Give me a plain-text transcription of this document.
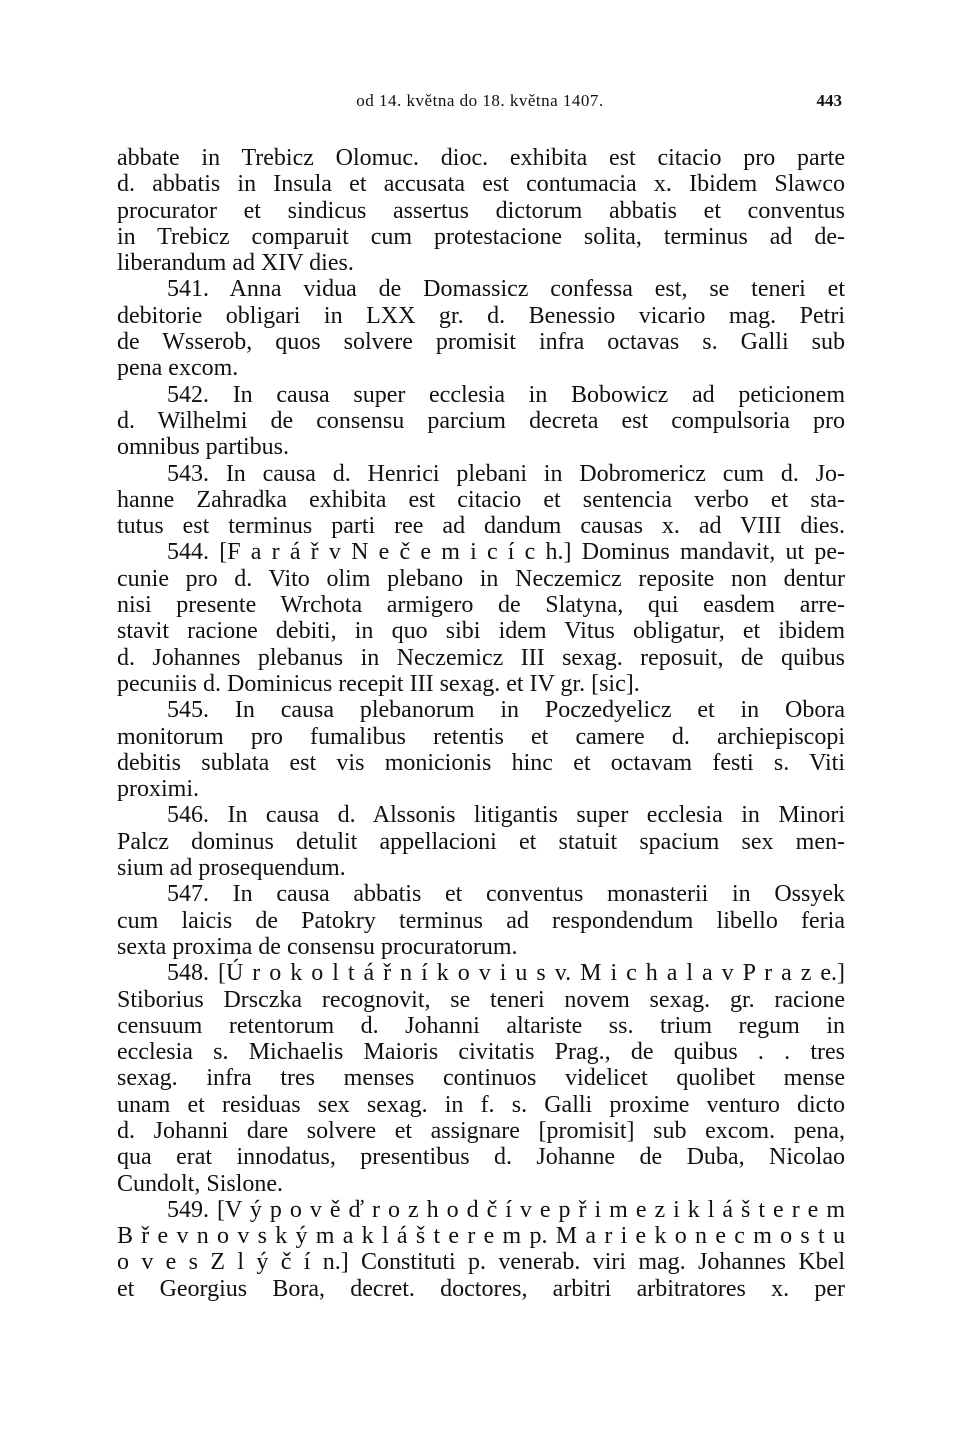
od 14. května do 18. května 1407.	443
abbate in Trebicz Olomuc. dioc. exhibita est citacio pro parte
d. abbatis in Insula et accusata est contumacia x. Ibidem Slawco
procurator et sindicus assertus dictorum abbatis et conventus
in Trebicz comparuit cum protestacione solita, terminus ad de-
liberandum ad XIV dies.
541. Anna vidua de Domassicz confessa est, se teneri et
debitorie obligari in LXX gr. d. Benessio vicario mag. Petri
de Wsserob, quos solvere promisit infra octavas s. Galli sub
pena excom.
542. In causa super ecclesia in Bobowicz ad peticionem
d. Wilhelmi de consensu parcium decreta est compulsoria pro
omnibus partibus.
543. In causa d. Henrici plebani in Dobromericz cum d. Jo-
hanne Zahradka exhibita est citacio et sentencia verbo et sta-
tutus est terminus parti ree ad dandum causas x. ad VIII dies.
544. [F a r á ř v N e č e m i c í c h.] Dominus mandavit, ut pe-
cunie pro d. Vito olim plebano in Neczemicz reposite non dentur
nisi presente Wrchota armigero de Slatyna, qui easdem arre-
stavit racione debiti, in quo sibi idem Vitus obligatur, et ibidem
d. Johannes plebanus in Neczemicz III sexag. reposuit, de quibus
pecuniis d. Dominicus recepit III sexag. et IV gr. [sic].
545. In causa plebanorum in Poczedyelicz et in Obora
monitorum pro fumalibus retentis et camere d. archiepiscopi
debitis sublata est vis monicionis hinc et octavam festi s. Viti
proximi.
546. In causa d. Alssonis litigantis super ecclesia in Minori
Palcz dominus detulit appellacioni et statuit spacium sex men-
sium ad prosequendum.
547. In causa abbatis et conventus monasterii in Ossyek
cum laicis de Patokry terminus ad respondendum libello feria
sexta proxima de consensu procuratorum.
548. [Ú r o k o l t á ř n í k o v i u s v. M i c h a l a v P r a z e.]
Stiborius Drsczka recognovit, se teneri novem sexag. gr. racione
censuum retentorum d. Johanni altariste ss. trium regum in
ecclesia s. Michaelis Maioris civitatis Prag., de quibus . . tres
sexag. infra tres menses continuos videlicet quolibet mense
unam et residuas sex sexag. in f. s. Galli proxime venturo dicto
d. Johanni dare solvere et assignare [promisit] sub excom. pena,
qua erat innodatus, presentibus d. Johanne de Duba, Nicolao
Cundolt, Sislone.
549. [V ý p o v ě ď r o z h o d č í v e p ř i m e z i k l á š t e r e m
B ř e v n o v s k ý m a k l á š t e r e m p. M a r i e k o n e c m o s t u
o v e s Z l ý č í n.] Constituti p. venerab. viri mag. Johannes Kbel
et Georgius Bora, decret. doctores, arbitri arbitratores x. per
